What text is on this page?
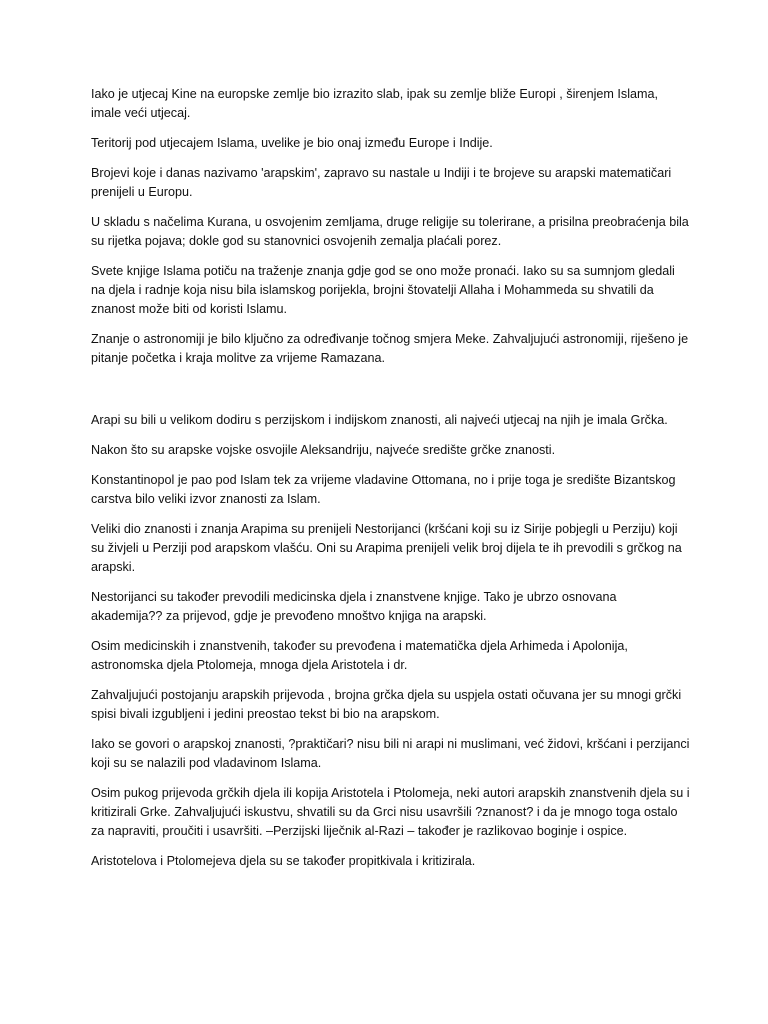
Iako je utjecaj Kine na europske zemlje bio izrazito slab, ipak su zemlje bliže Europi , širenjem Islama, imale veći utjecaj.

Teritorij pod utjecajem Islama, uvelike je bio onaj između Europe i Indije.

Brojevi koje i danas nazivamo 'arapskim', zapravo su nastale u Indiji i te brojeve su arapski matematičari prenijeli u Europu.

U skladu s načelima Kurana, u osvojenim zemljama, druge religije su tolerirane, a prisilna preobraćenja bila su rijetka pojava; dokle god su stanovnici osvojenih zemalja plaćali porez.

Svete knjige Islama potiču na traženje znanja gdje god se ono može pronaći. Iako su sa sumnjom gledali na djela i radnje koja nisu bila islamskog porijekla, brojni štovatelji Allaha i Mohammeda su shvatili da znanost može biti od koristi Islamu.

Znanje o astronomiji je bilo ključno za određivanje točnog smjera Meke. Zahvaljujući astronomiji, riješeno je pitanje početka i kraja molitve za vrijeme Ramazana.

Arapi su bili u velikom dodiru s perzijskom i indijskom znanosti, ali najveći utjecaj na njih je imala Grčka.

Nakon što su arapske vojske osvojile Aleksandriju, najveće središte grčke znanosti.

Konstantinopol je pao pod Islam tek za vrijeme vladavine Ottomana, no i prije toga je središte Bizantskog carstva bilo veliki izvor znanosti za Islam.

Veliki dio znanosti i znanja Arapima su prenijeli Nestorijanci (kršćani koji su iz Sirije pobjegli u Perziju) koji su živjeli u Perziji pod arapskom vlašću. Oni su Arapima prenijeli velik broj dijela te ih prevodili s grčkog na arapski.

Nestorijanci su također prevodili medicinska djela i znanstvene knjige. Tako je ubrzo osnovana akademija?? za prijevod, gdje je prevođeno mnoštvo knjiga na arapski.

Osim medicinskih i znanstvenih, također su prevođena i matematička djela Arhimeda i Apolonija, astronomska djela Ptolomeja, mnoga djela Aristotela i dr.

Zahvaljujući postojanju arapskih prijevoda , brojna grčka djela su uspjela ostati očuvana jer su mnogi grčki spisi bivali izgubljeni i jedini preostao tekst bi bio na arapskom.

Iako se govori o arapskoj znanosti, ?praktičari? nisu bili ni arapi ni muslimani, već židovi, kršćani i perzijanci koji su se nalazili pod vladavinom Islama.

Osim pukog prijevoda grčkih djela ili kopija Aristotela i Ptolomeja, neki autori arapskih znanstvenih djela su i kritizirali Grke. Zahvaljujući iskustvu, shvatili su da Grci nisu usavršili ?znanost? i da je mnogo toga ostalo za napraviti, proučiti i usavršiti. –Perzijski liječnik al-Razi – također je razlikovao boginje i ospice.

Aristotelova i Ptolomejeva djela su se također propitkivala i kritizirala.
